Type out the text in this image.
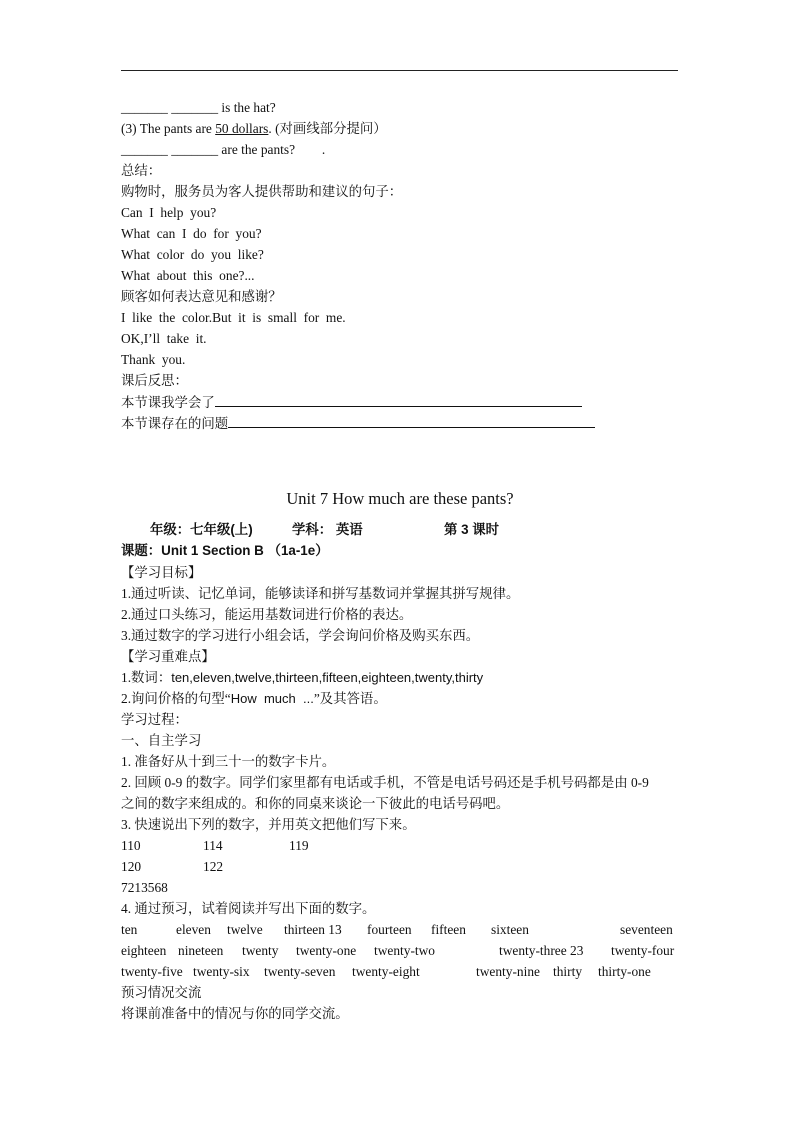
_______ _______ is the hat?
(3) The pants are 50 dollars. (对画线部分提问）
_______ _______ are the pants?        .
总结：
购物时，服务员为客人提供帮助和建议的句子：
Can  I  help  you?
What  can  I  do  for  you?
What  color  do  you  like?
What  about  this  one?...
顾客如何表达意见和感谢？
I  like  the  color.But  it  is  small  for  me.
OK,I’ll  take  it.
Thank  you.
课后反思：
本节课我学会了
本节课存在的问题
Unit 7 How much are these pants?
年级：七年级(上)	学科： 英语	第 3 课时
课题：Unit 1 Section B （1a-1e）
【学习目标】
1.通过听读、记忆单词，能够读译和拼写基数词并掌握其拼写规律。
2.通过口头练习，能运用基数词进行价格的表达。
3.通过数字的学习进行小组会话，学会询问价格及购买东西。
【学习重难点】
1.数词：ten,eleven,twelve,thirteen,fifteen,eighteen,twenty,thirty
2.询问价格的句型“How  much  ...”及其答语。
学习过程：
一、自主学习
1. 准备好从十到三十一的数字卡片。
2. 回顾 0-9 的数字。同学们家里都有电话或手机，不管是电话号码还是手机号码都是由 0-9
之间的数字来组成的。和你的同桌来谈论一下彼此的电话号码吧。
3. 快速说出下列的数字，并用英文把他们写下来。
110	114	119
120	122
7213568
4. 通过预习，试着阅读并写出下面的数字。
ten	eleven twelve thirteen 13 fourteen fifteen sixteen	seventeen
eighteen nineteen twenty twenty-one twenty-two	twenty-three 23 twenty-four
twenty-five twenty-six twenty-seven twenty-eight	twenty-nine thirty thirty-one
预习情况交流
将课前准备中的情况与你的同学交流。
